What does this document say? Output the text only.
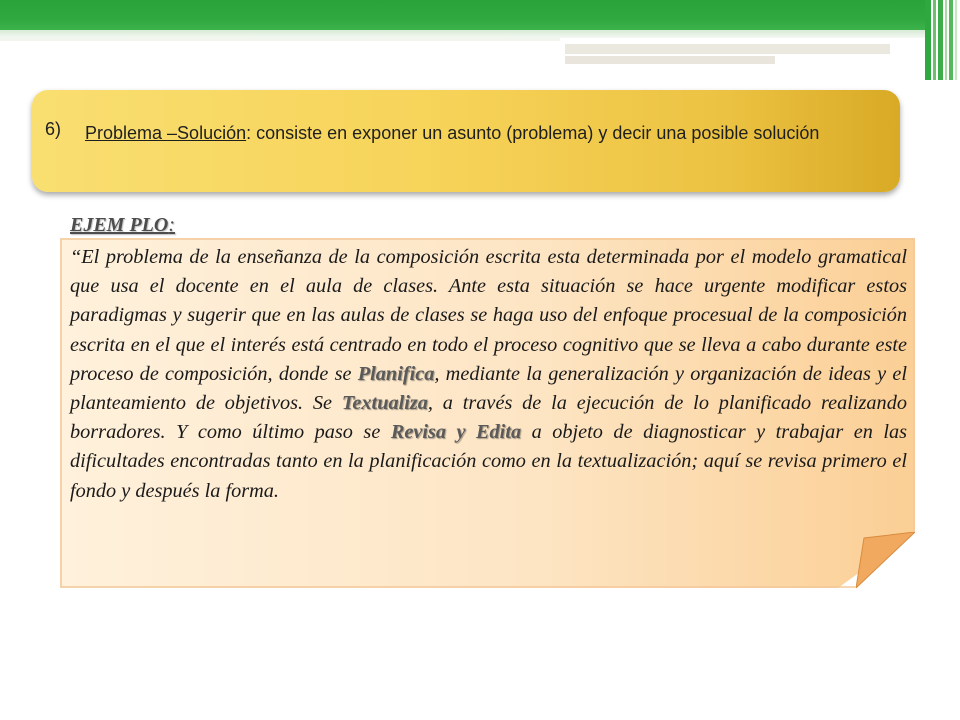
6) Problema –Solución: consiste en exponer un asunto (problema) y decir una posible solución
EJEM PLO:
“El problema de la enseñanza de la composición escrita esta determinada por el modelo gramatical que usa el docente en el aula de clases. Ante esta situación se hace urgente modificar estos paradigmas y sugerir que en las aulas de clases se haga uso del enfoque procesual de la composición escrita en el que el interés está centrado en todo el proceso cognitivo que se lleva a cabo durante este proceso de composición, donde se Planifica, mediante la generalización y organización de ideas y el planteamiento de objetivos. Se Textualiza, a través de la ejecución de lo planificado realizando borradores. Y como último paso se Revisa y Edita a objeto de diagnosticar y trabajar en las dificultades encontradas tanto en la planificación como en la textualización; aquí se revisa primero el fondo y después la forma.
